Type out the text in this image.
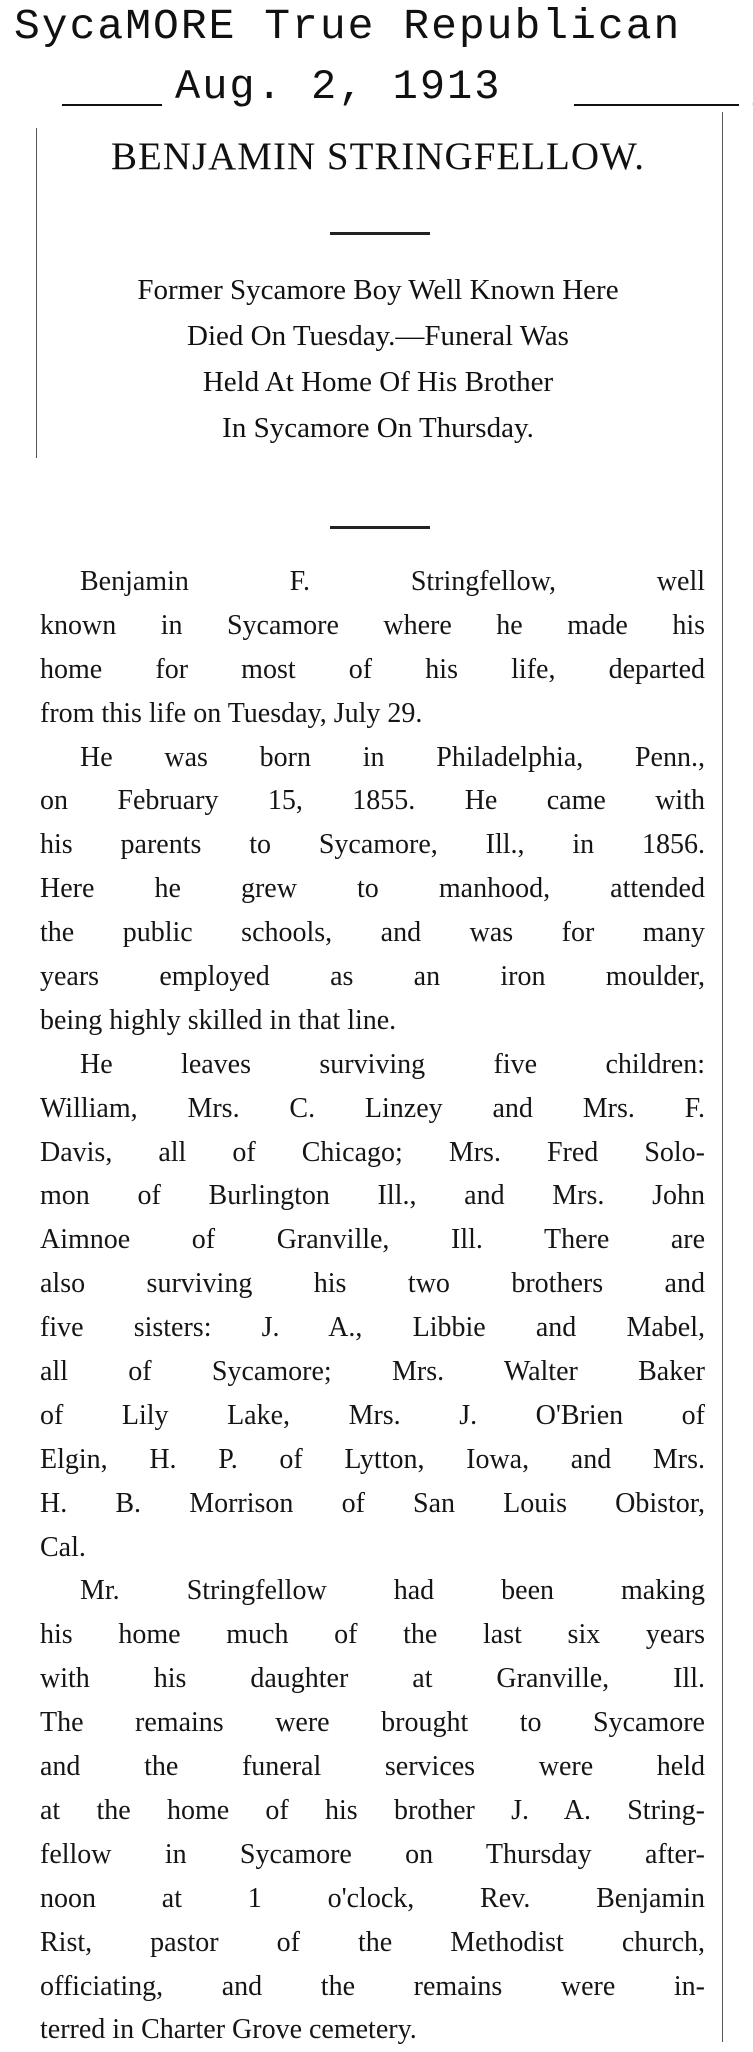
SycaMORE True Republican
Aug. 2, 1913
BENJAMIN STRINGFELLOW.
Former Sycamore Boy Well Known Here
Died On Tuesday.—Funeral Was
Held At Home Of His Brother
In Sycamore On Thursday.
Benjamin F. Stringfellow, well
known in Sycamore where he made his
home for most of his life, departed
from this life on Tuesday, July 29.
He was born in Philadelphia, Penn.,
on February 15, 1855. He came with
his parents to Sycamore, Ill., in 1856.
Here he grew to manhood, attended
the public schools, and was for many
years employed as an iron moulder,
being highly skilled in that line.
He leaves surviving five children:
William, Mrs. C. Linzey and Mrs. F.
Davis, all of Chicago; Mrs. Fred Solo-
mon of Burlington Ill., and Mrs. John
Aimnoe of Granville, Ill. There are
also surviving his two brothers and
five sisters: J. A., Libbie and Mabel,
all of Sycamore; Mrs. Walter Baker
of Lily Lake, Mrs. J. O'Brien of
Elgin, H. P. of Lytton, Iowa, and Mrs.
H. B. Morrison of San Louis Obistor,
Cal.
Mr. Stringfellow had been making
his home much of the last six years
with his daughter at Granville, Ill.
The remains were brought to Sycamore
and the funeral services were held
at the home of his brother J. A. String-
fellow in Sycamore on Thursday after-
noon at 1 o'clock, Rev. Benjamin
Rist, pastor of the Methodist church,
officiating, and the remains were in-
terred in Charter Grove cemetery.
